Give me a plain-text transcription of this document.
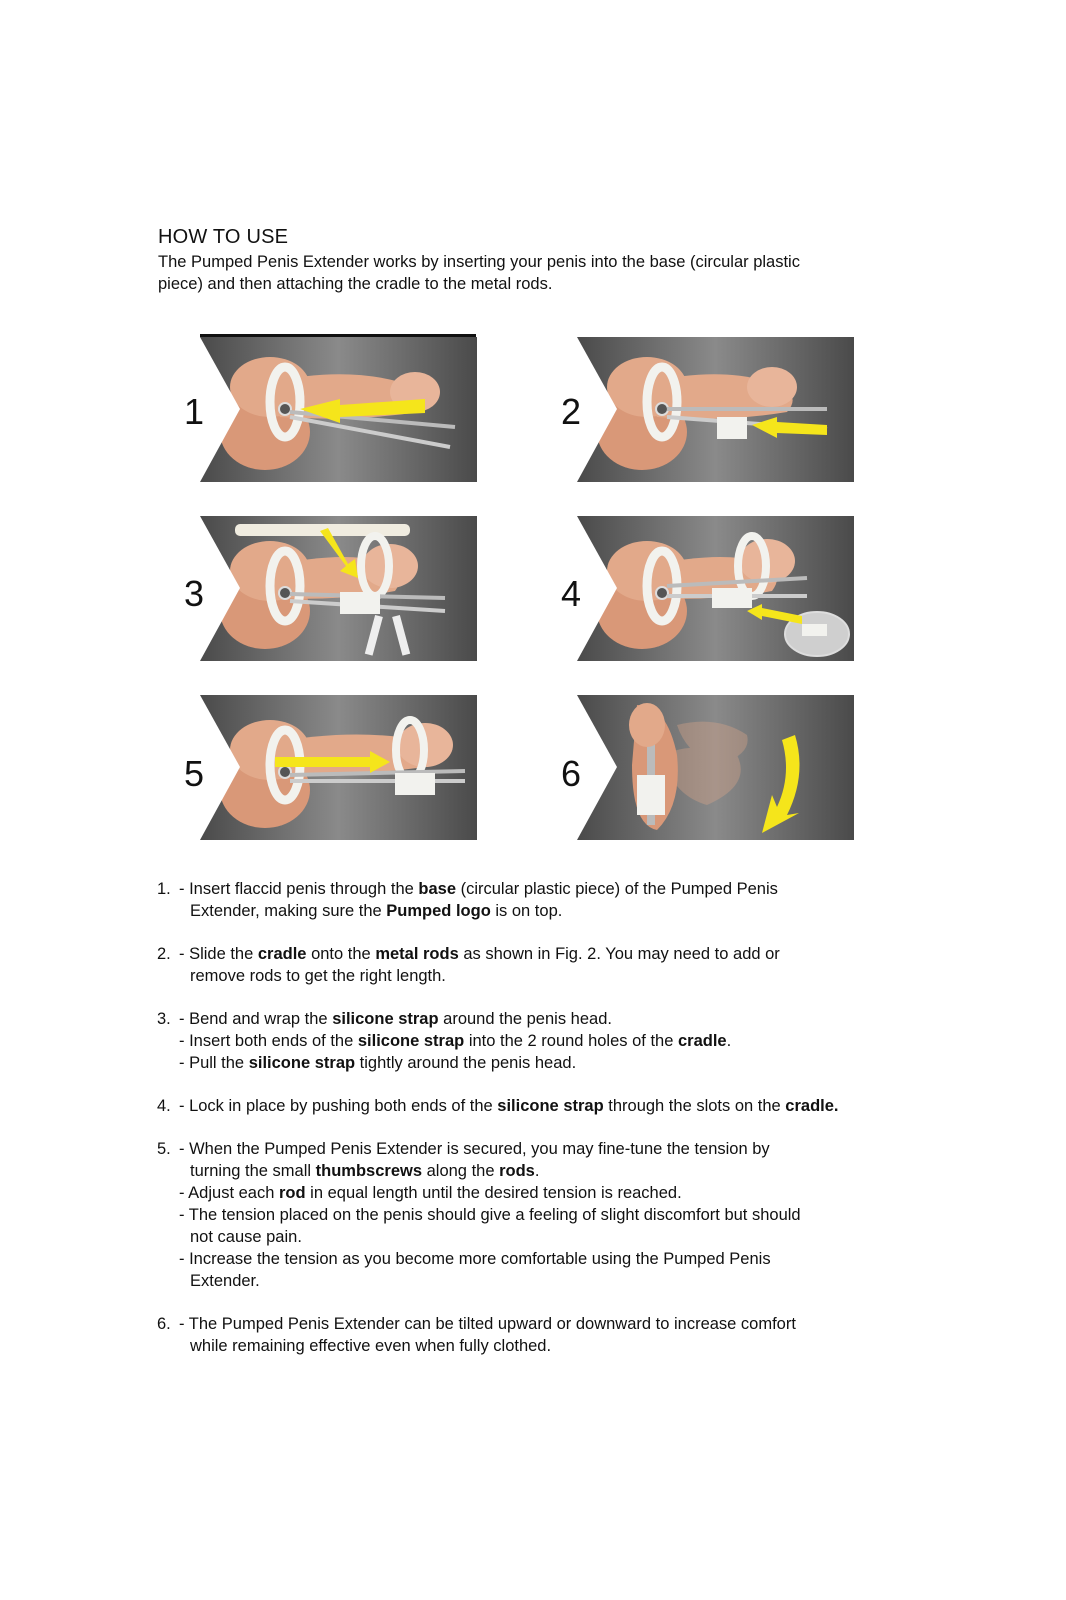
HOW TO USE
The Pumped Penis Extender works by inserting your penis into the base (circular plastic
piece) and then attaching the cradle to the metal rods.
1	2
3	4
5	6
1. - Insert flaccid penis through the base (circular plastic piece) of the Pumped Penis
Extender, making sure the Pumped logo is on top.
2. - Slide the cradle onto the metal rods as shown in Fig. 2. You may need to add or
remove rods to get the right length.
3. - Bend and wrap the silicone strap around the penis head.
- Insert both ends of the silicone strap into the 2 round holes of the cradle.
- Pull the silicone strap tightly around the penis head.
4. - Lock in place by pushing both ends of the silicone strap through the slots on the cradle.
5. - When the Pumped Penis Extender is secured, you may fine-tune the tension by
turning the small thumbscrews along the rods.
- Adjust each rod in equal length until the desired tension is reached.
- The tension placed on the penis should give a feeling of slight discomfort but should
not cause pain.
- Increase the tension as you become more comfortable using the Pumped Penis
Extender.
6. - The Pumped Penis Extender can be tilted upward or downward to increase comfort
while remaining effective even when fully clothed.
